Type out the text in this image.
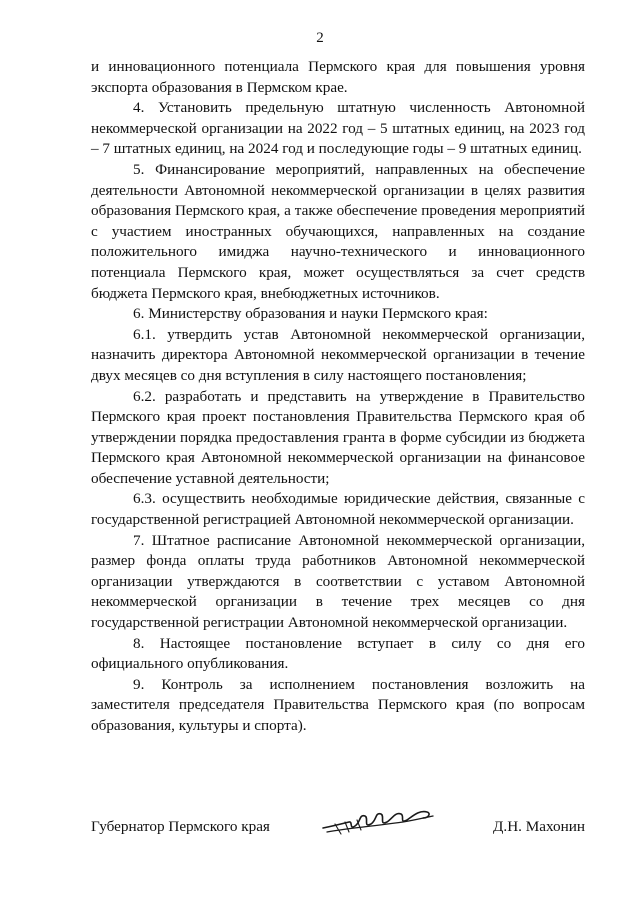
2

и инновационного потенциала Пермского края для повышения уровня экспорта образования в Пермском крае.

4. Установить предельную штатную численность Автономной некоммерческой организации на 2022 год – 5 штатных единиц, на 2023 год – 7 штатных единиц, на 2024 год и последующие годы – 9 штатных единиц.

5. Финансирование мероприятий, направленных на обеспечение деятельности Автономной некоммерческой организации в целях развития образования Пермского края, а также обеспечение проведения мероприятий с участием иностранных обучающихся, направленных на создание положительного имиджа научно-технического и инновационного потенциала Пермского края, может осуществляться за счет средств бюджета Пермского края, внебюджетных источников.

6. Министерству образования и науки Пермского края:

6.1. утвердить устав Автономной некоммерческой организации, назначить директора Автономной некоммерческой организации в течение двух месяцев со дня вступления в силу настоящего постановления;

6.2. разработать и представить на утверждение в Правительство Пермского края проект постановления Правительства Пермского края об утверждении порядка предоставления гранта в форме субсидии из бюджета Пермского края Автономной некоммерческой организации на финансовое обеспечение уставной деятельности;

6.3. осуществить необходимые юридические действия, связанные с государственной регистрацией Автономной некоммерческой организации.

7. Штатное расписание Автономной некоммерческой организации, размер фонда оплаты труда работников Автономной некоммерческой организации утверждаются в соответствии с уставом Автономной некоммерческой организации в течение трех месяцев со дня государственной регистрации Автономной некоммерческой организации.

8. Настоящее постановление вступает в силу со дня его официального опубликования.

9. Контроль за исполнением постановления возложить на заместителя председателя Правительства Пермского края (по вопросам образования, культуры и спорта).

Губернатор Пермского края	Д.Н. Махонин
